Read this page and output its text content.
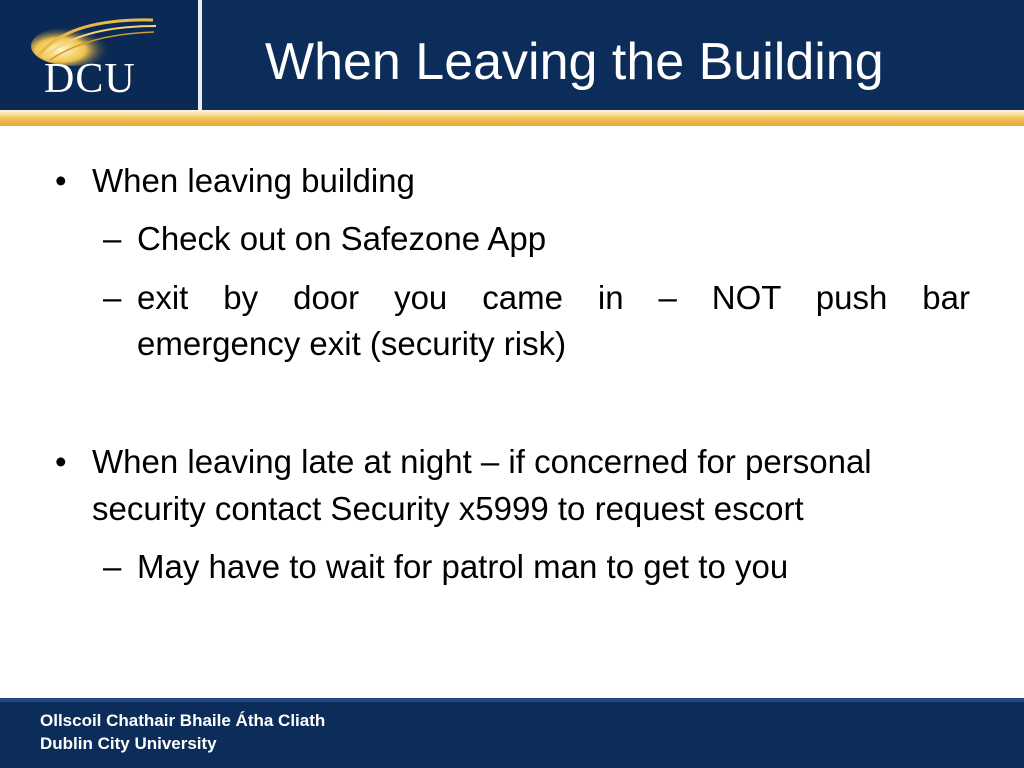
DCU When Leaving the Building
• When leaving building
– Check out on Safezone App
– exit by door you came in – NOT push bar
emergency exit (security risk)
• When leaving late at night – if concerned for personal
security contact Security x5999 to request escort
– May have to wait for patrol man to get to you
Ollscoil Chathair Bhaile Átha Cliath
Dublin City University
